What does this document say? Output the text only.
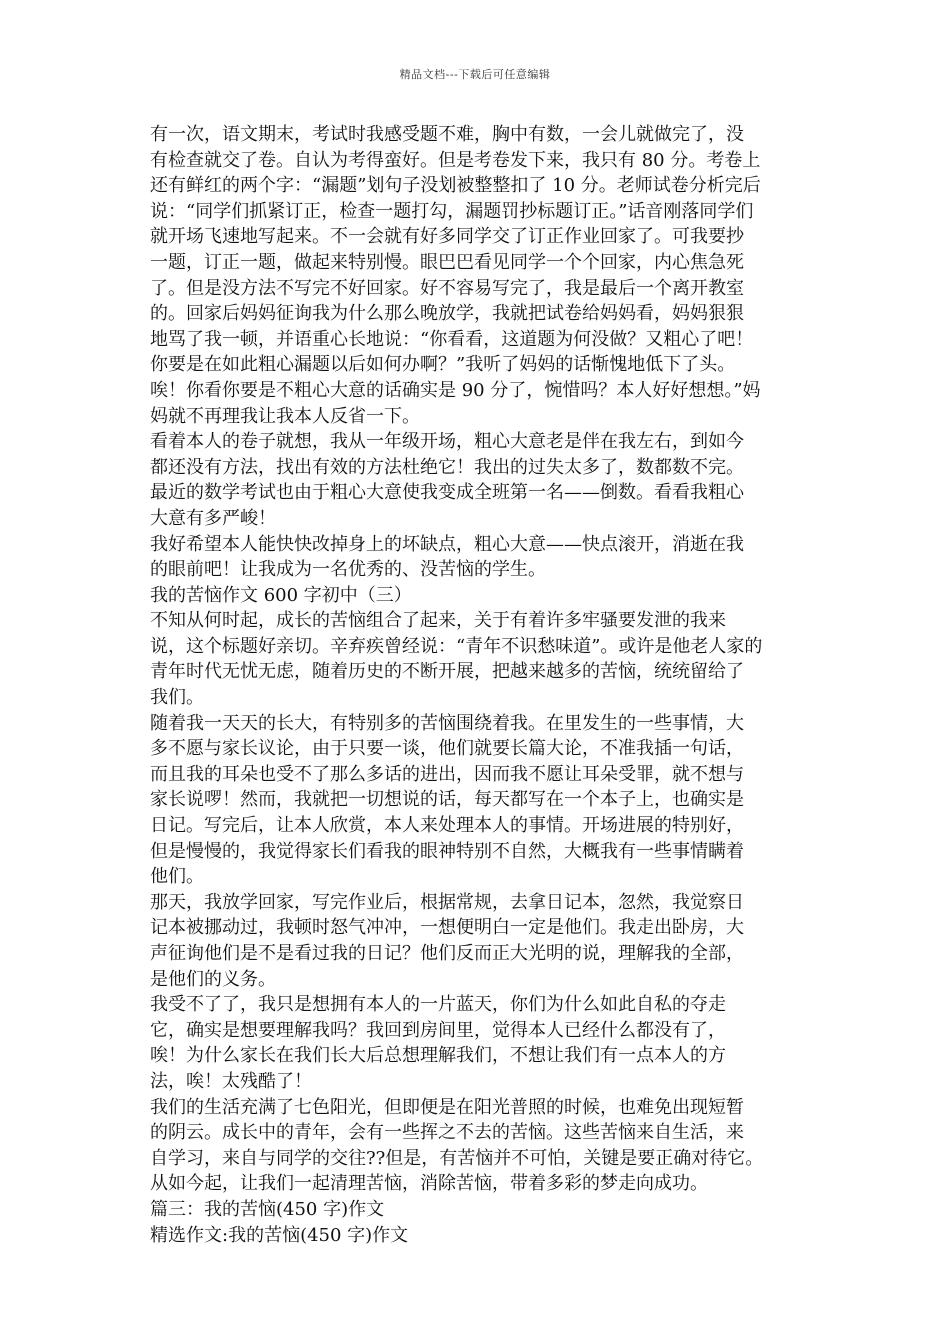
精品文档---下载后可任意编辑
有一次，语文期末，考试时我感受题不难，胸中有数，一会儿就做完了，没
有检查就交了卷。自认为考得蛮好。但是考卷发下来，我只有 80 分。考卷上
还有鲜红的两个字：“漏题”划句子没划被整整扣了 10 分。老师试卷分析完后
说：“同学们抓紧订正，检查一题打勾，漏题罚抄标题订正。”话音刚落同学们
就开场飞速地写起来。不一会就有好多同学交了订正作业回家了。可我要抄
一题，订正一题，做起来特别慢。眼巴巴看见同学一个个回家，内心焦急死
了。但是没方法不写完不好回家。好不容易写完了，我是最后一个离开教室
的。回家后妈妈征询我为什么那么晚放学，我就把试卷给妈妈看，妈妈狠狠
地骂了我一顿，并语重心长地说：“你看看，这道题为何没做？又粗心了吧！
你要是在如此粗心漏题以后如何办啊？”我听了妈妈的话惭愧地低下了头。
唉！你看你要是不粗心大意的话确实是 90 分了，惋惜吗？本人好好想想。”妈
妈就不再理我让我本人反省一下。
看着本人的卷子就想，我从一年级开场，粗心大意老是伴在我左右，到如今
都还没有方法，找出有效的方法杜绝它！我出的过失太多了，数都数不完。
最近的数学考试也由于粗心大意使我变成全班第一名——倒数。看看我粗心
大意有多严峻！
我好希望本人能快快改掉身上的坏缺点，粗心大意——快点滚开，消逝在我
的眼前吧！让我成为一名优秀的、没苦恼的学生。
我的苦恼作文 600 字初中（三）
不知从何时起，成长的苦恼组合了起来，关于有着许多牢骚要发泄的我来
说，这个标题好亲切。辛弃疾曾经说：“青年不识愁味道”。或许是他老人家的
青年时代无忧无虑，随着历史的不断开展，把越来越多的苦恼，统统留给了
我们。
随着我一天天的长大，有特别多的苦恼围绕着我。在里发生的一些事情，大
多不愿与家长议论，由于只要一谈，他们就要长篇大论，不准我插一句话，
而且我的耳朵也受不了那么多话的进出，因而我不愿让耳朵受罪，就不想与
家长说啰！然而，我就把一切想说的话，每天都写在一个本子上，也确实是
日记。写完后，让本人欣赏，本人来处理本人的事情。开场进展的特别好，
但是慢慢的，我觉得家长们看我的眼神特别不自然，大概我有一些事情瞒着
他们。
那天，我放学回家，写完作业后，根据常规，去拿日记本，忽然，我觉察日
记本被挪动过，我顿时怒气冲冲，一想便明白一定是他们。我走出卧房，大
声征询他们是不是看过我的日记？他们反而正大光明的说，理解我的全部，
是他们的义务。
我受不了了，我只是想拥有本人的一片蓝天，你们为什么如此自私的夺走
它，确实是想要理解我吗？我回到房间里，觉得本人已经什么都没有了，
唉！为什么家长在我们长大后总想理解我们，不想让我们有一点本人的方
法，唉！太残酷了！
我们的生活充满了七色阳光，但即便是在阳光普照的时候，也难免出现短暂
的阴云。成长中的青年，会有一些挥之不去的苦恼。这些苦恼来自生活，来
自学习，来自与同学的交往??但是，有苦恼并不可怕，关键是要正确对待它。
从如今起，让我们一起清理苦恼，消除苦恼，带着多彩的梦走向成功。
篇三：我的苦恼(450 字)作文
精选作文:我的苦恼(450 字)作文
